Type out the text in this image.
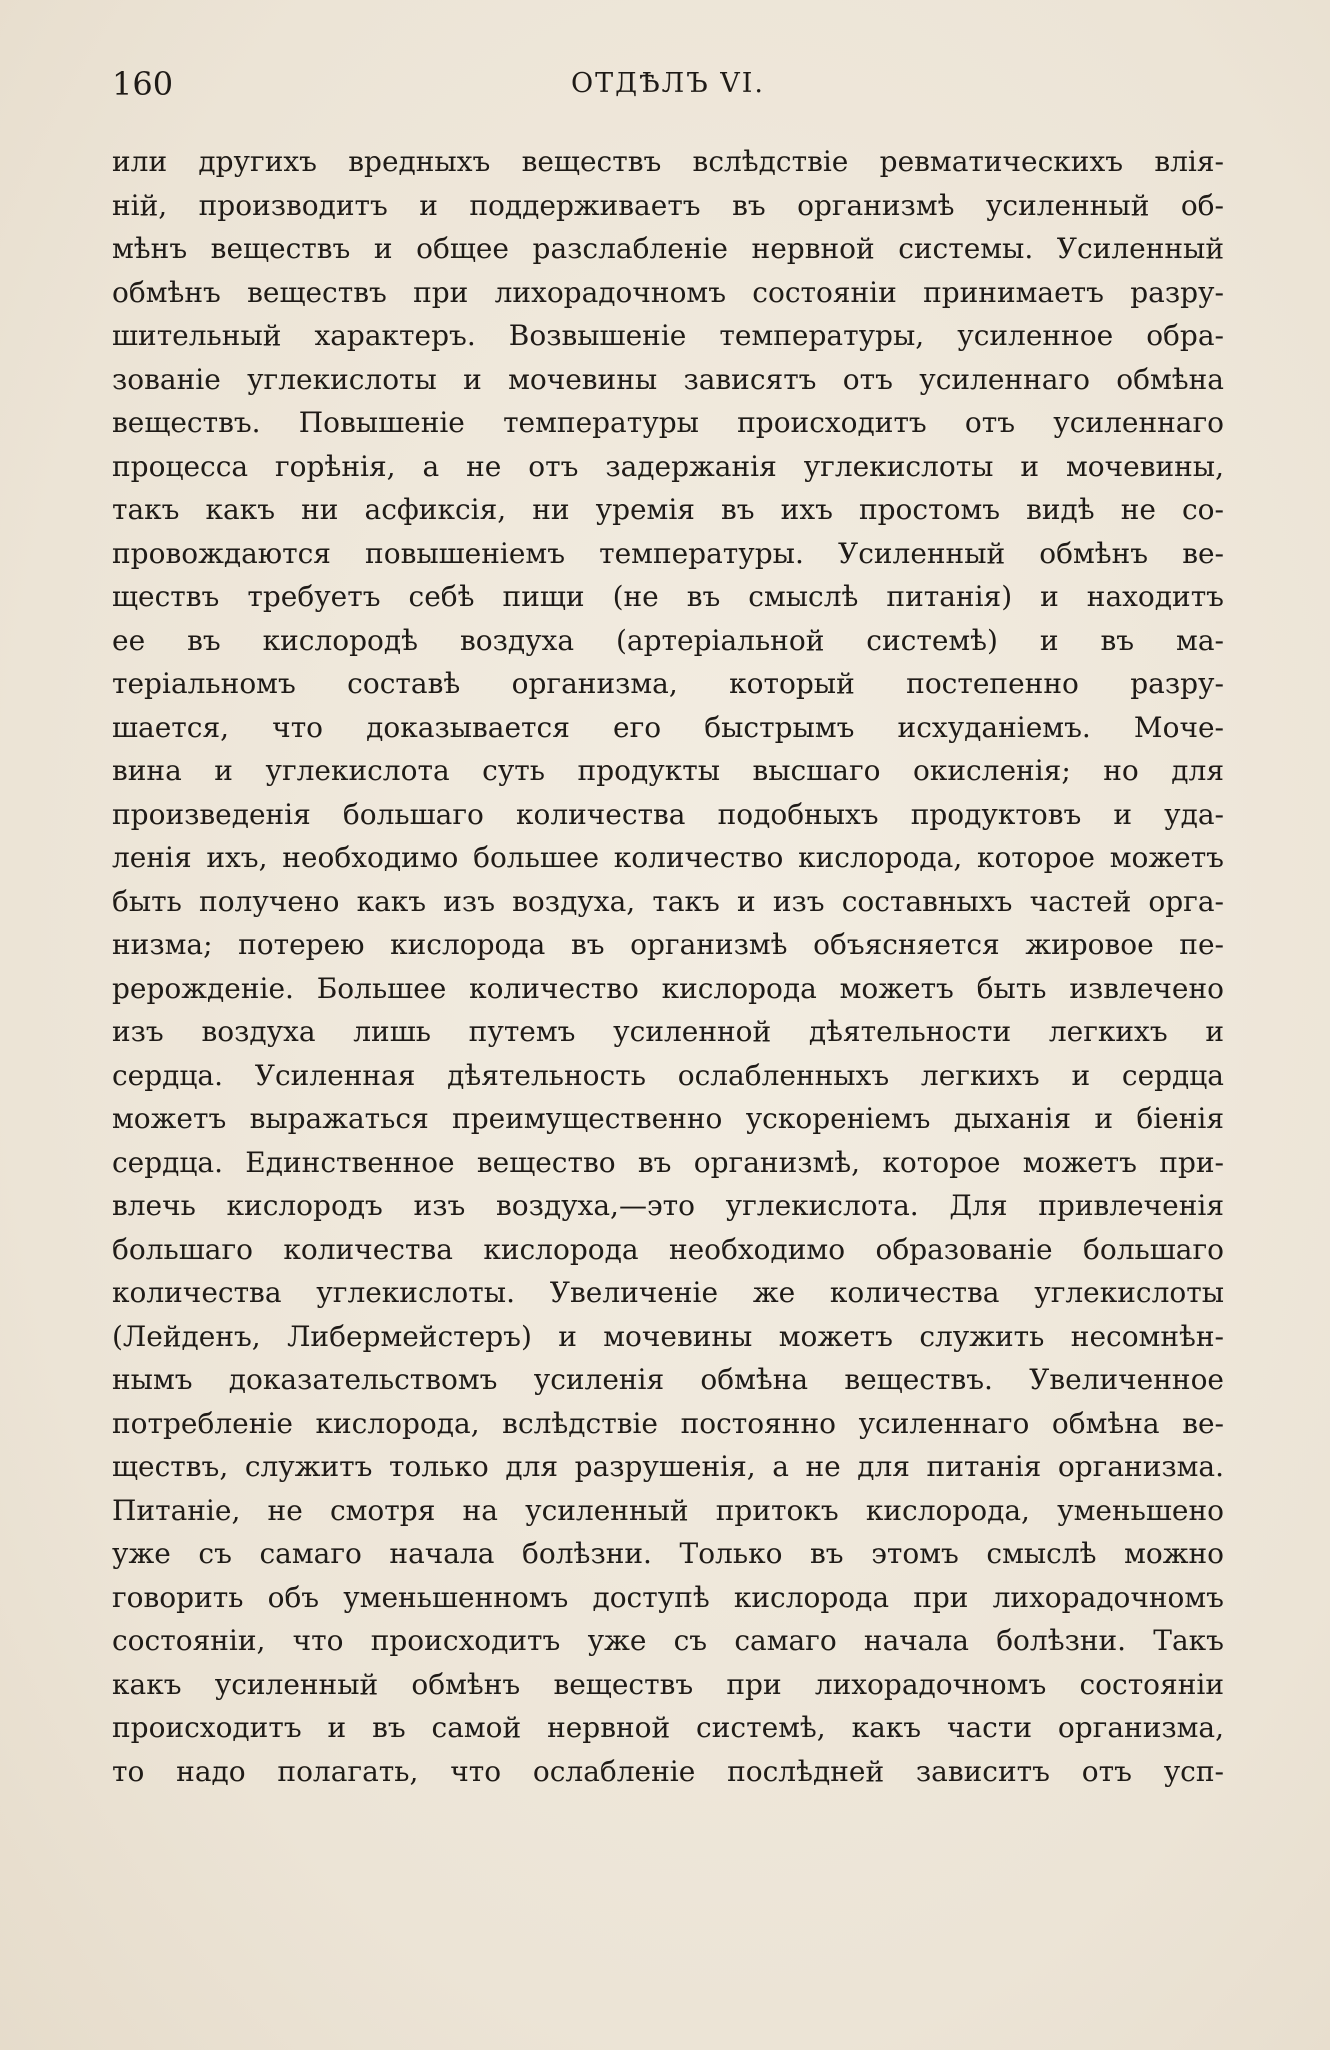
160	ОТДѢЛЪ VI.
или другихъ вредныхъ веществъ вслѣдствіе ревматическихъ влія-
ній, производитъ и поддерживаетъ въ организмѣ усиленный об-
мѣнъ веществъ и общее разслабленіе нервной системы. Усиленный
обмѣнъ веществъ при лихорадочномъ состояніи принимаетъ разру-
шительный характеръ. Возвышеніе температуры, усиленное обра-
зованіе углекислоты и мочевины зависятъ отъ усиленнаго обмѣна
веществъ. Повышеніе температуры происходитъ отъ усиленнаго
процесса горѣнія, а не отъ задержанія углекислоты и мочевины,
такъ какъ ни асфиксія, ни уремія въ ихъ простомъ видѣ не со-
провождаются повышеніемъ температуры. Усиленный обмѣнъ ве-
ществъ требуетъ себѣ пищи (не въ смыслѣ питанія) и находитъ
ее въ кислородѣ воздуха (артеріальной системѣ) и въ ма-
теріальномъ составѣ организма, который постепенно разру-
шается, что доказывается его быстрымъ исхуданіемъ. Моче-
вина и углекислота суть продукты высшаго окисленія; но для
произведенія большаго количества подобныхъ продуктовъ и уда-
ленія ихъ, необходимо большее количество кислорода, которое можетъ
быть получено какъ изъ воздуха, такъ и изъ составныхъ частей орга-
низма; потерею кислорода въ организмѣ объясняется жировое пе-
рерожденіе. Большее количество кислорода можетъ быть извлечено
изъ воздуха лишь путемъ усиленной дѣятельности легкихъ и
сердца. Усиленная дѣятельность ослабленныхъ легкихъ и сердца
можетъ выражаться преимущественно ускореніемъ дыханія и біенія
сердца. Единственное вещество въ организмѣ, которое можетъ при-
влечь кислородъ изъ воздуха,—это углекислота. Для привлеченія
большаго количества кислорода необходимо образованіе большаго
количества углекислоты. Увеличеніе же количества углекислоты
(Лейденъ, Либермейстеръ) и мочевины можетъ служить несомнѣн-
нымъ доказательствомъ усиленія обмѣна веществъ. Увеличенное
потребленіе кислорода, вслѣдствіе постоянно усиленнаго обмѣна ве-
ществъ, служитъ только для разрушенія, а не для питанія организма.
Питаніе, не смотря на усиленный притокъ кислорода, уменьшено
уже съ самаго начала болѣзни. Только въ этомъ смыслѣ можно
говорить объ уменьшенномъ доступѣ кислорода при лихорадочномъ
состояніи, что происходитъ уже съ самаго начала болѣзни. Такъ
какъ усиленный обмѣнъ веществъ при лихорадочномъ состояніи
происходитъ и въ самой нервной системѣ, какъ части организма,
то надо полагать, что ослабленіе послѣдней зависитъ отъ усп-
